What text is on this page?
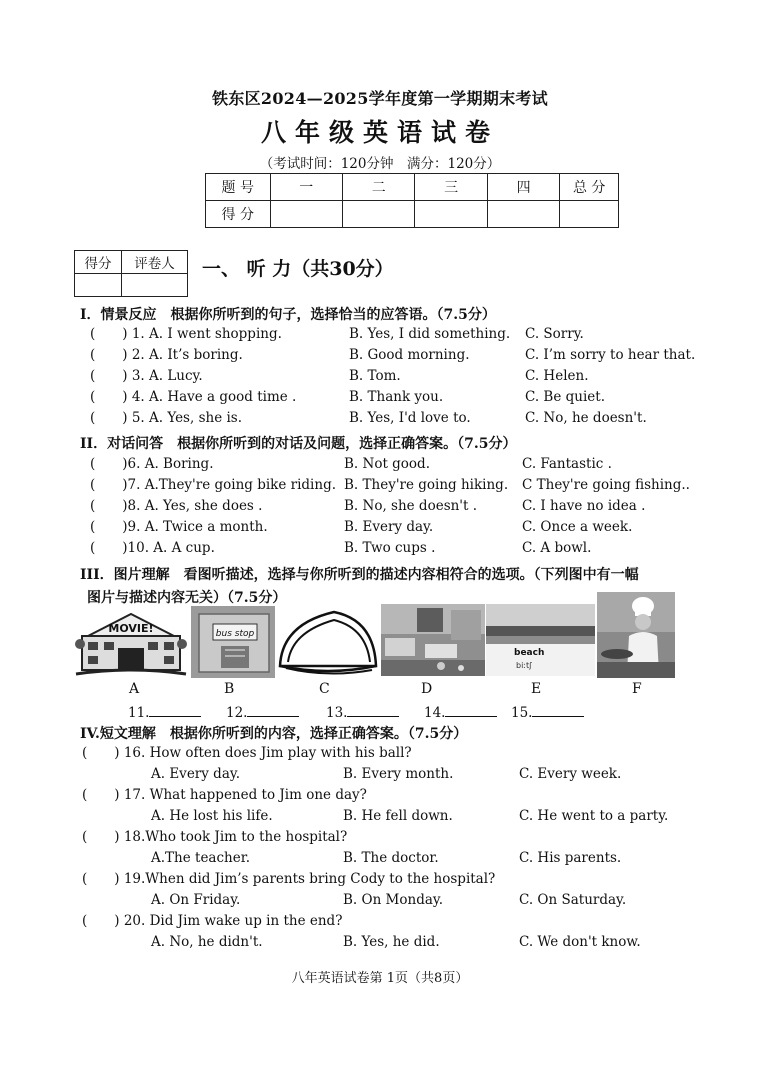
铁东区2024—2025学年度第一学期期末考试
八年级英语试卷
（考试时间：120分钟　满分：120分）
题 号	一	二	三	四	总 分
得 分					
得分	评卷人
	一、 听 力（共30分）
I．情景反应　根据你所听到的句子，选择恰当的应答语。（7.5分）
(　　) 1. A. I went shopping.	B. Yes, I did something. C. Sorry.
(　　) 2. A. It’s boring.	B. Good morning.	C. I’m sorry to hear that.
(　　) 3. A. Lucy.	B. Tom.	C. Helen.
(　　) 4. A. Have a good time .	B. Thank you.	C. Be quiet.
(　　) 5. A. Yes, she is.	B. Yes, I'd love to.	C. No, he doesn't.
II．对话问答　根据你所听到的对话及问题，选择正确答案。（7.5分）
(　　)6. A. Boring.	B. Not good.	C. Fantastic .
(　　)7. A.They're going bike riding. B. They're going hiking. C They're going fishing..
(　　)8. A. Yes, she does .	B. No, she doesn't .	C. I have no idea .
(　　)9. A. Twice a month.	B. Every day.	C. Once a week.
(　　)10. A. A cup.	B. Two cups .	C. A bowl.
III．图片理解　看图听描述，选择与你所听到的描述内容相符合的选项。（下列图中有一幅
图片与描述内容无关）（7.5分）
MOVIE!	bus stop
beach
biːtʃ
A	B	C	D	E	F
11.	12.	13.	14.	15.
IV.短文理解　根据你所听到的内容，选择正确答案。（7.5分）
(　　) 16. How often does Jim play with his ball?
A. Every day.	B. Every month.	C. Every week.
(　　) 17. What happened to Jim one day?
A. He lost his life.	B. He fell down.	C. He went to a party.
(　　) 18.Who took Jim to the hospital?
A.The teacher.	B. The doctor.	C. His parents.
(　　) 19.When did Jim’s parents bring Cody to the hospital?
A. On Friday.	B. On Monday.	C. On Saturday.
(　　) 20. Did Jim wake up in the end?
A. No, he didn't.	B. Yes, he did.	C. We don't know.
八年英语试卷第 1页（共8页）
